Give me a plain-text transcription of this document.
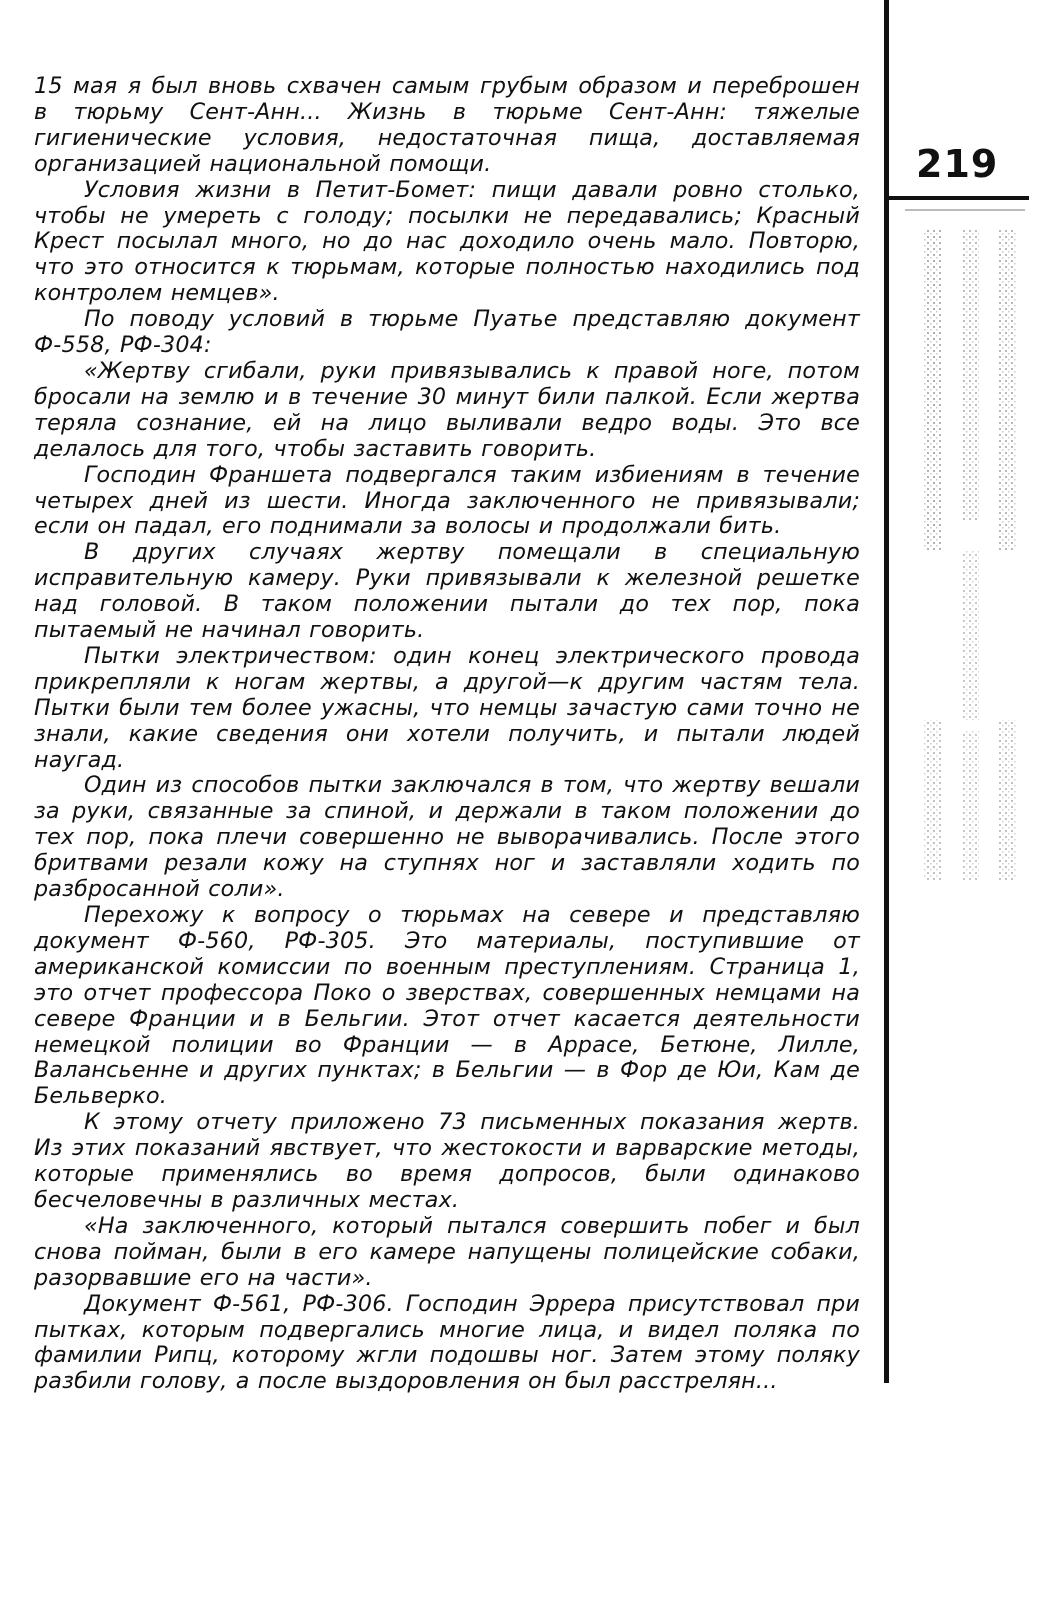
15 мая я был вновь схвачен самым грубым образом и переброшен в тюрьму Сент-Анн... Жизнь в тюрьме Сент-Анн: тяжелые гигиенические условия, недостаточная пища, доставляемая организацией национальной помощи.

Условия жизни в Петит-Бомет: пищи давали ровно столько, чтобы не умереть с голоду; посылки не передавались; Красный Крест посылал много, но до нас доходило очень мало. Повторю, что это относится к тюрьмам, которые полностью находились под контролем немцев».

По поводу условий в тюрьме Пуатье представляю документ Ф-558, РФ-304:

«Жертву сгибали, руки привязывались к правой ноге, потом бросали на землю и в течение 30 минут били палкой. Если жертва теряла сознание, ей на лицо выливали ведро воды. Это все делалось для того, чтобы заставить говорить.

Господин Франшета подвергался таким избиениям в течение четырех дней из шести. Иногда заключенного не привязывали; если он падал, его поднимали за волосы и продолжали бить.

В других случаях жертву помещали в специальную исправительную камеру. Руки привязывали к железной решетке над головой. В таком положении пытали до тех пор, пока пытаемый не начинал говорить.

Пытки электричеством: один конец электрического провода прикрепляли к ногам жертвы, а другой—к другим частям тела. Пытки были тем более ужасны, что немцы зачастую сами точно не знали, какие сведения они хотели получить, и пытали людей наугад.

Один из способов пытки заключался в том, что жертву вешали за руки, связанные за спиной, и держали в таком положении до тех пор, пока плечи совершенно не выворачивались. После этого бритвами резали кожу на ступнях ног и заставляли ходить по разбросанной соли».

Перехожу к вопросу о тюрьмах на севере и представляю документ Ф-560, РФ-305. Это материалы, поступившие от американской комиссии по военным преступлениям. Страница 1, это отчет профессора Поко о зверствах, совершенных немцами на севере Франции и в Бельгии. Этот отчет касается деятельности немецкой полиции во Франции — в Аррасе, Бетюне, Лилле, Валансьенне и других пунктах; в Бельгии — в Фор де Юи, Кам де Бельверко.

К этому отчету приложено 73 письменных показания жертв. Из этих показаний явствует, что жестокости и варварские методы, которые применялись во время допросов, были одинаково бесчеловечны в различных местах.

«На заключенного, который пытался совершить побег и был снова пойман, были в его камере напущены полицейские собаки, разорвавшие его на части».

Документ Ф-561, РФ-306. Господин Эррера присутствовал при пытках, которым подвергались многие лица, и видел поляка по фамилии Рипц, которому жгли подошвы ног. Затем этому поляку разбили голову, а после выздоровления он был расстрелян...

219
